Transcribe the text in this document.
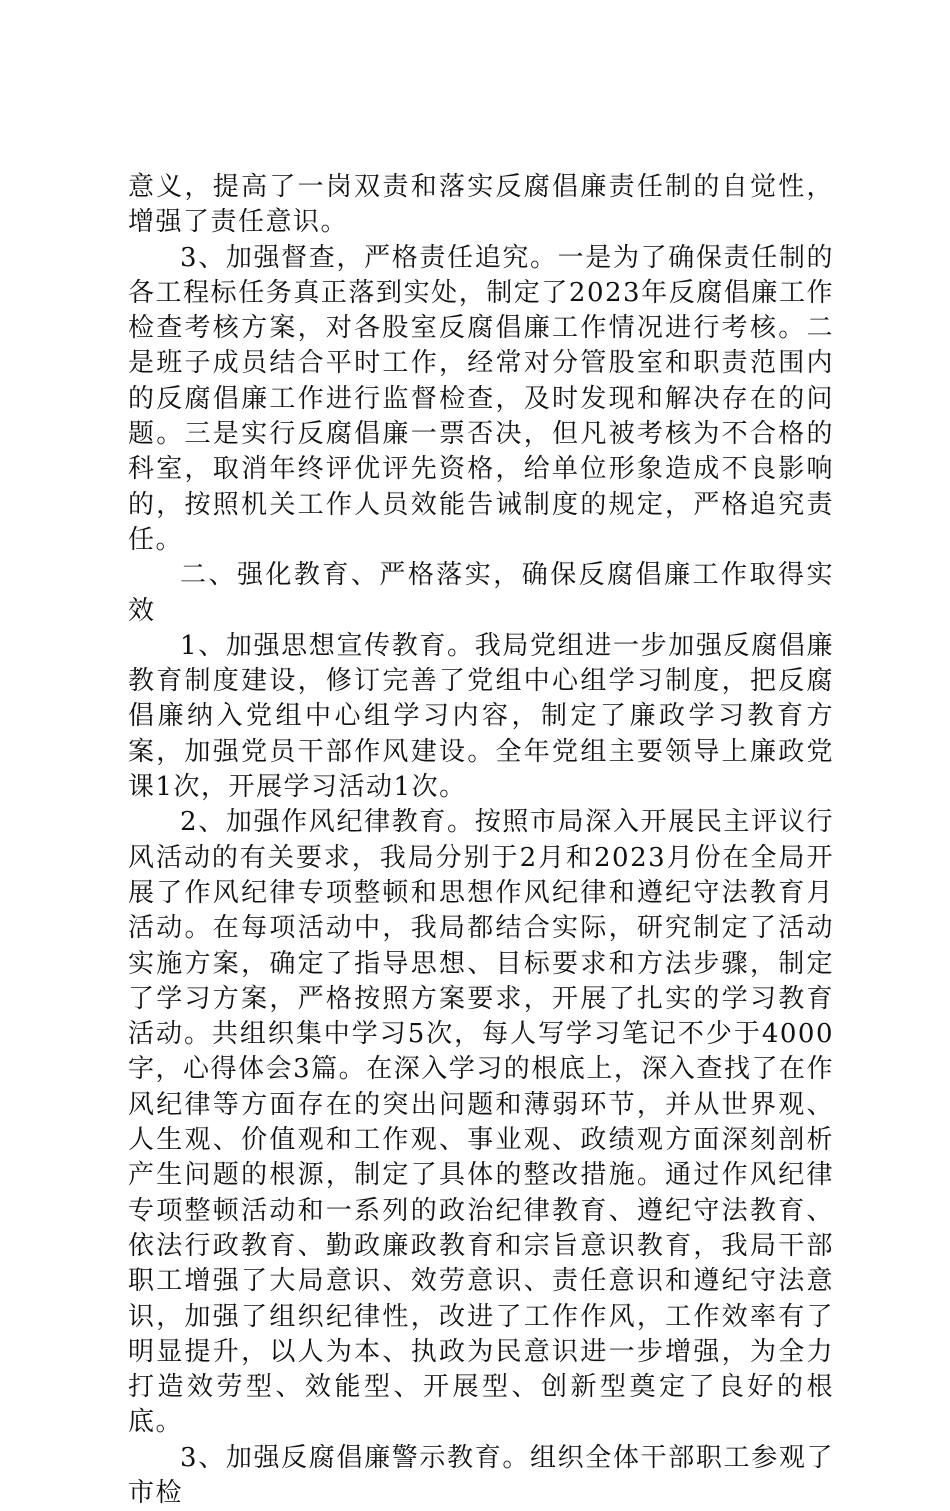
意义，提高了一岗双责和落实反腐倡廉责任制的自觉性，增强了责任意识。

3、加强督查，严格责任追究。一是为了确保责任制的各工程标任务真正落到实处，制定了2023年反腐倡廉工作检查考核方案，对各股室反腐倡廉工作情况进行考核。二是班子成员结合平时工作，经常对分管股室和职责范围内的反腐倡廉工作进行监督检查，及时发现和解决存在的问题。三是实行反腐倡廉一票否决，但凡被考核为不合格的科室，取消年终评优评先资格，给单位形象造成不良影响的，按照机关工作人员效能告诫制度的规定，严格追究责任。

二、强化教育、严格落实，确保反腐倡廉工作取得实效

1、加强思想宣传教育。我局党组进一步加强反腐倡廉教育制度建设，修订完善了党组中心组学习制度，把反腐倡廉纳入党组中心组学习内容，制定了廉政学习教育方案，加强党员干部作风建设。全年党组主要领导上廉政党课1次，开展学习活动1次。

2、加强作风纪律教育。按照市局深入开展民主评议行风活动的有关要求，我局分别于2月和2023月份在全局开展了作风纪律专项整顿和思想作风纪律和遵纪守法教育月活动。在每项活动中，我局都结合实际，研究制定了活动实施方案，确定了指导思想、目标要求和方法步骤，制定了学习方案，严格按照方案要求，开展了扎实的学习教育活动。共组织集中学习5次，每人写学习笔记不少于4000字，心得体会3篇。在深入学习的根底上，深入查找了在作风纪律等方面存在的突出问题和薄弱环节，并从世界观、人生观、价值观和工作观、事业观、政绩观方面深刻剖析产生问题的根源，制定了具体的整改措施。通过作风纪律专项整顿活动和一系列的政治纪律教育、遵纪守法教育、依法行政教育、勤政廉政教育和宗旨意识教育，我局干部职工增强了大局意识、效劳意识、责任意识和遵纪守法意识，加强了组织纪律性，改进了工作作风，工作效率有了明显提升，以人为本、执政为民意识进一步增强，为全力打造效劳型、效能型、开展型、创新型奠定了良好的根底。

3、加强反腐倡廉警示教育。组织全体干部职工参观了市检
